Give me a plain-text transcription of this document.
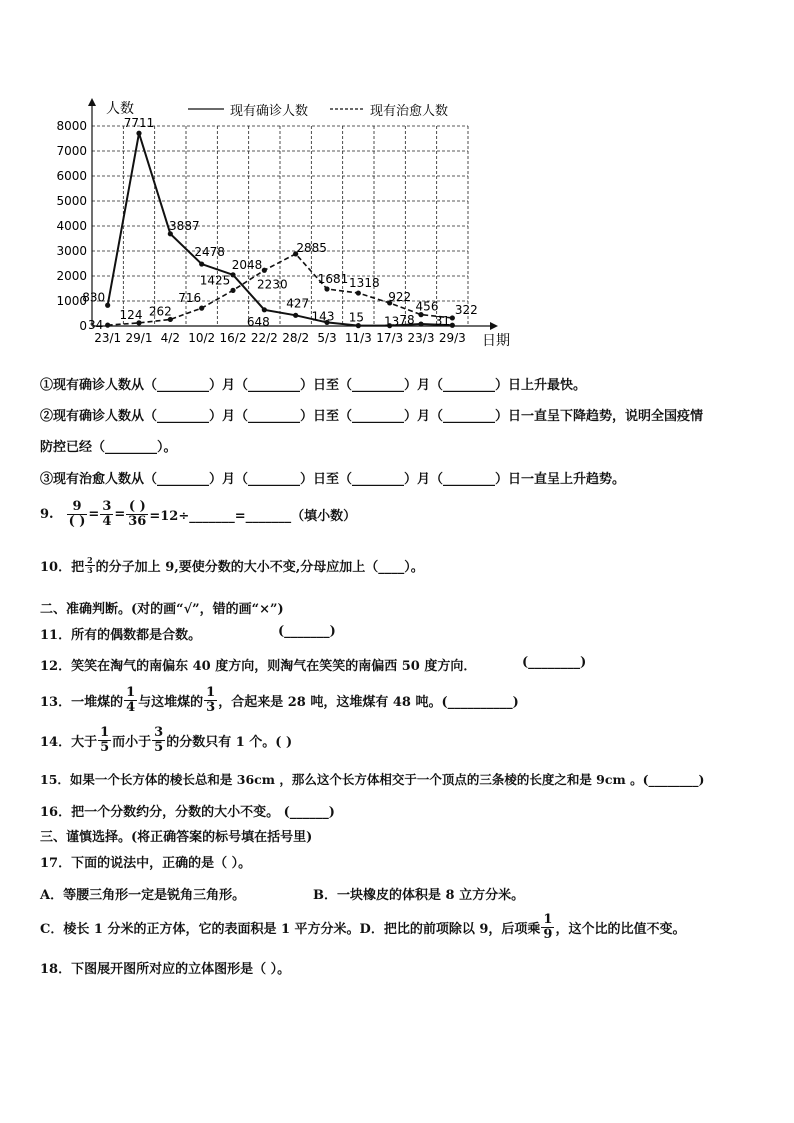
0
1000
2000
3000
4000
5000
6000
7000
8000
23/1 29/1 4/2 10/2 16/2 22/2 28/2 5/3 11/3 17/3 23/3 29/3
830
7711
3887
2478
2048
648
427
143 15 13 78 31
34
124 262
716
1425 2230
2885
1681 1318
922
456 322
人数
日期
现有确诊人数	现有治愈人数
①现有确诊人数从（________）月（________）日至（________）月（________）日上升最快。
②现有确诊人数从（________）月（________）日至（________）月（________）日一直呈下降趋势，说明全国疫情
防控已经（________）。
③现有治愈人数从（________）月（________）日至（________）月（________）日一直呈上升趋势。
9. $\frac{9}{( )} = \frac{3}{4} = \frac{( )}{36}$ =12÷_______=_______（填小数）
10．把 $\frac{2}{3}$ 的分子加上 9,要使分数的大小不变,分母应加上（____）。
二、准确判断。(对的画“√”，错的画“×”)
11．所有的偶数都是合数。	(_______)
12．笑笑在淘气的南偏东 40 度方向，则淘气在笑笑的南偏西 50 度方向．	(________)
13．一堆煤的 $\frac{1}{4}$ 与这堆煤的 $\frac{1}{3}$ ，合起来是 28 吨，这堆煤有 48 吨。(__________)
14．大于 $\frac{1}{5}$ 而小于 $\frac{3}{5}$ 的分数只有 1 个。( )
15．如果一个长方体的棱长总和是 36cm ，那么这个长方体相交于一个顶点的三条棱的长度之和是 9cm 。(________)
16．把一个分数约分，分数的大小不变。 (______)
三、谨慎选择。(将正确答案的标号填在括号里)
17．下面的说法中，正确的是（ ）。
A．等腰三角形一定是锐角三角形。	B．一块橡皮的体积是 8 立方分米。
C．棱长 1 分米的正方体，它的表面积是 1 平方分米。D．把比的前项除以 9，后项乘 $\frac{1}{9}$ ，这个比的比值不变。
18．下图展开图所对应的立体图形是（ ）。
